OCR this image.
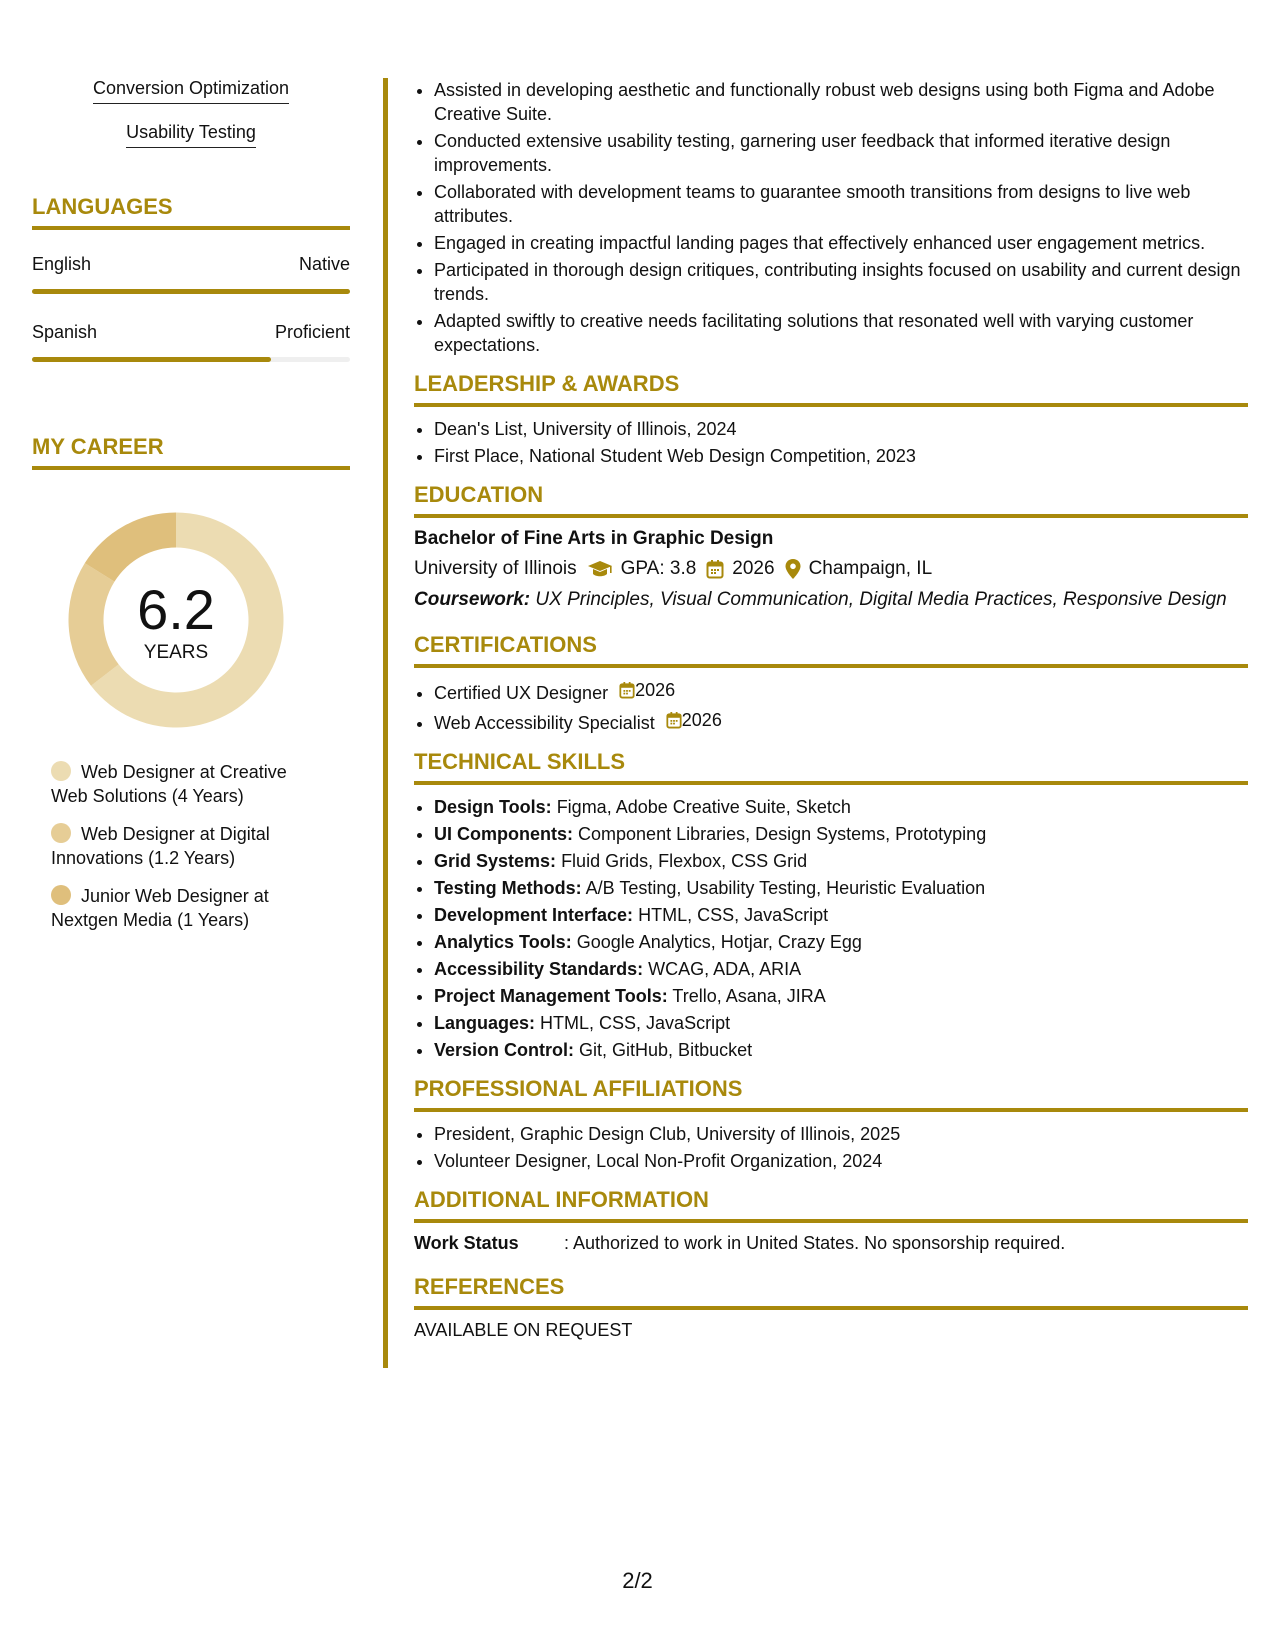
Conversion Optimization
Usability Testing
LANGUAGES
English	Native
Spanish	Proficient
MY CAREER
6.2
YEARS
Web Designer at Creative Web Solutions (4 Years)
Web Designer at Digital Innovations (1.2 Years)
Junior Web Designer at Nextgen Media (1 Years)
• Assisted in developing aesthetic and functionally robust web designs using both Figma and Adobe Creative Suite.
• Conducted extensive usability testing, garnering user feedback that informed iterative design improvements.
• Collaborated with development teams to guarantee smooth transitions from designs to live web attributes.
• Engaged in creating impactful landing pages that effectively enhanced user engagement metrics.
• Participated in thorough design critiques, contributing insights focused on usability and current design trends.
• Adapted swiftly to creative needs facilitating solutions that resonated well with varying customer expectations.
LEADERSHIP & AWARDS
• Dean's List, University of Illinois, 2024
• First Place, National Student Web Design Competition, 2023
EDUCATION
Bachelor of Fine Arts in Graphic Design
University of Illinois GPA: 3.8 2026 Champaign, IL
Coursework: UX Principles, Visual Communication, Digital Media Practices, Responsive Design
CERTIFICATIONS
• Certified UX Designer 2026
• Web Accessibility Specialist 2026
TECHNICAL SKILLS
• Design Tools: Figma, Adobe Creative Suite, Sketch
• UI Components: Component Libraries, Design Systems, Prototyping
• Grid Systems: Fluid Grids, Flexbox, CSS Grid
• Testing Methods: A/B Testing, Usability Testing, Heuristic Evaluation
• Development Interface: HTML, CSS, JavaScript
• Analytics Tools: Google Analytics, Hotjar, Crazy Egg
• Accessibility Standards: WCAG, ADA, ARIA
• Project Management Tools: Trello, Asana, JIRA
• Languages: HTML, CSS, JavaScript
• Version Control: Git, GitHub, Bitbucket
PROFESSIONAL AFFILIATIONS
• President, Graphic Design Club, University of Illinois, 2025
• Volunteer Designer, Local Non-Profit Organization, 2024
ADDITIONAL INFORMATION
Work Status	: Authorized to work in United States. No sponsorship required.
REFERENCES
AVAILABLE ON REQUEST
2/2
